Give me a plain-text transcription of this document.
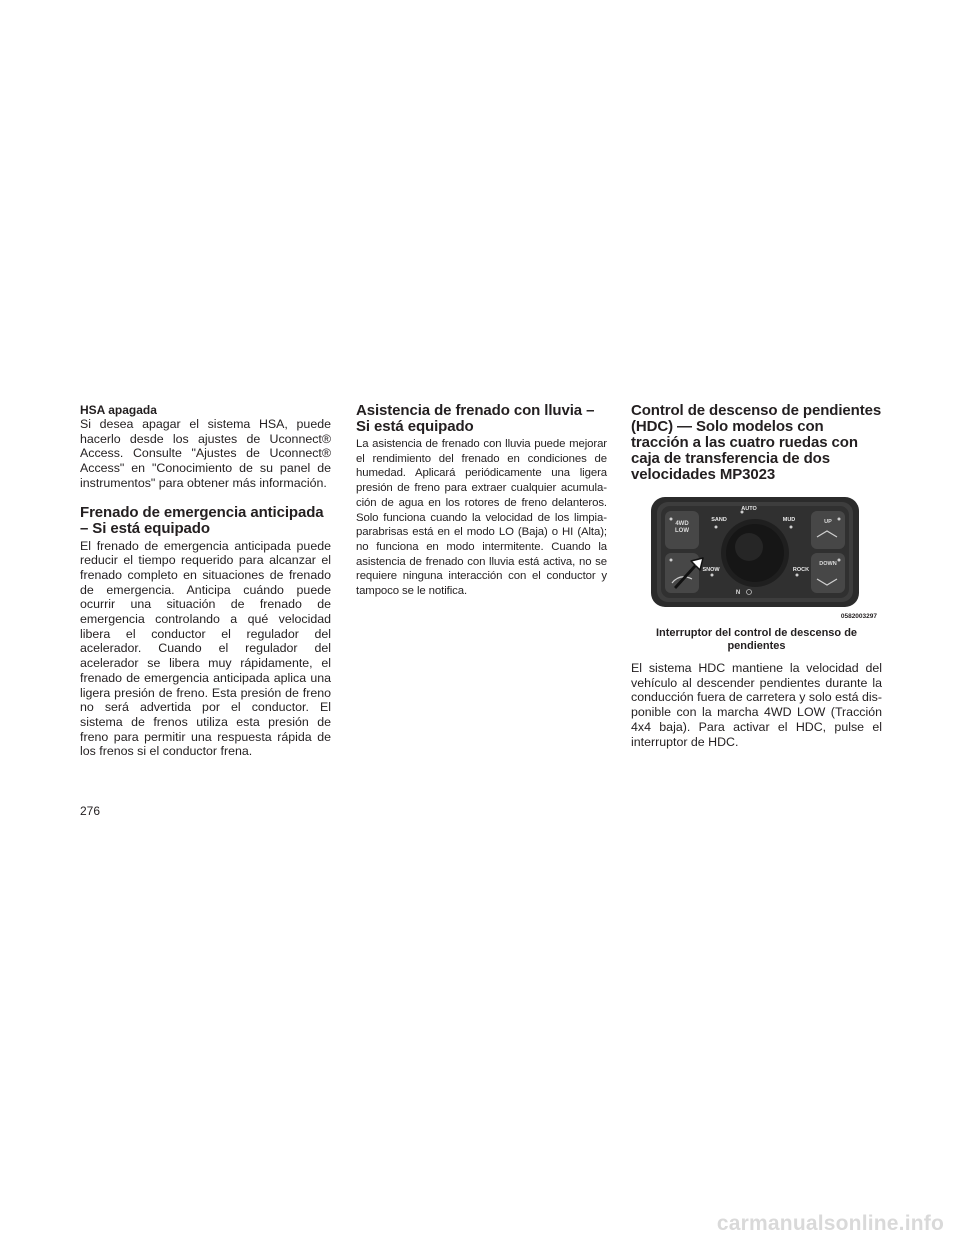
HSA apagada

Si desea apagar el sistema HSA, puede hacerlo desde los ajustes de Uconnect® Access. Consulte "Ajustes de Uconnect® Access" en "Conocimiento de su panel de instrumentos" para obtener más información.

Frenado de emergencia anticipada – Si está equipado

El frenado de emergencia anticipada puede reducir el tiempo requerido para alcanzar el frenado completo en situaciones de frenado de emergencia. Anticipa cuándo puede ocurrir una situación de frenado de emergencia controlando a qué velocidad libera el conductor el regulador del acelerador. Cuando el regulador del acelerador se libera muy rápidamente, el frenado de emergencia anticipada aplica una ligera presión de freno. Esta presión de freno no será advertida por el conductor. El sistema de frenos utiliza esta presión de freno para permitir una respuesta rápida de los frenos si el conductor frena.

Asistencia de frenado con lluvia – Si está equipado

La asistencia de frenado con lluvia puede mejorar el rendimiento del frenado en condiciones de humedad. Aplicará periódicamente una ligera presión de freno para extraer cualquier acumulación de agua en los rotores de freno delanteros. Solo funciona cuando la velocidad de los limpiaparabrisas está en el modo LO (Baja) o HI (Alta); no funciona en modo intermitente. Cuando la asistencia de frenado con lluvia está activa, no se requiere ninguna interacción con el conductor y tampoco se le notifica.

Control de descenso de pendientes (HDC) — Solo modelos con tracción a las cuatro ruedas con caja de transferencia de dos velocidades MP3023
4WD
LOW
SAND
AUTO
MUD
SNOW	ROCK
UP
DOWN
N
0582003297
Interruptor del control de descenso de pendientes

El sistema HDC mantiene la velocidad del vehículo al descender pendientes durante la conducción fuera de carretera y solo está disponible con la marcha 4WD LOW (Tracción 4x4 baja). Para activar el HDC, pulse el interruptor de HDC.

276
carmanualsonline.info
